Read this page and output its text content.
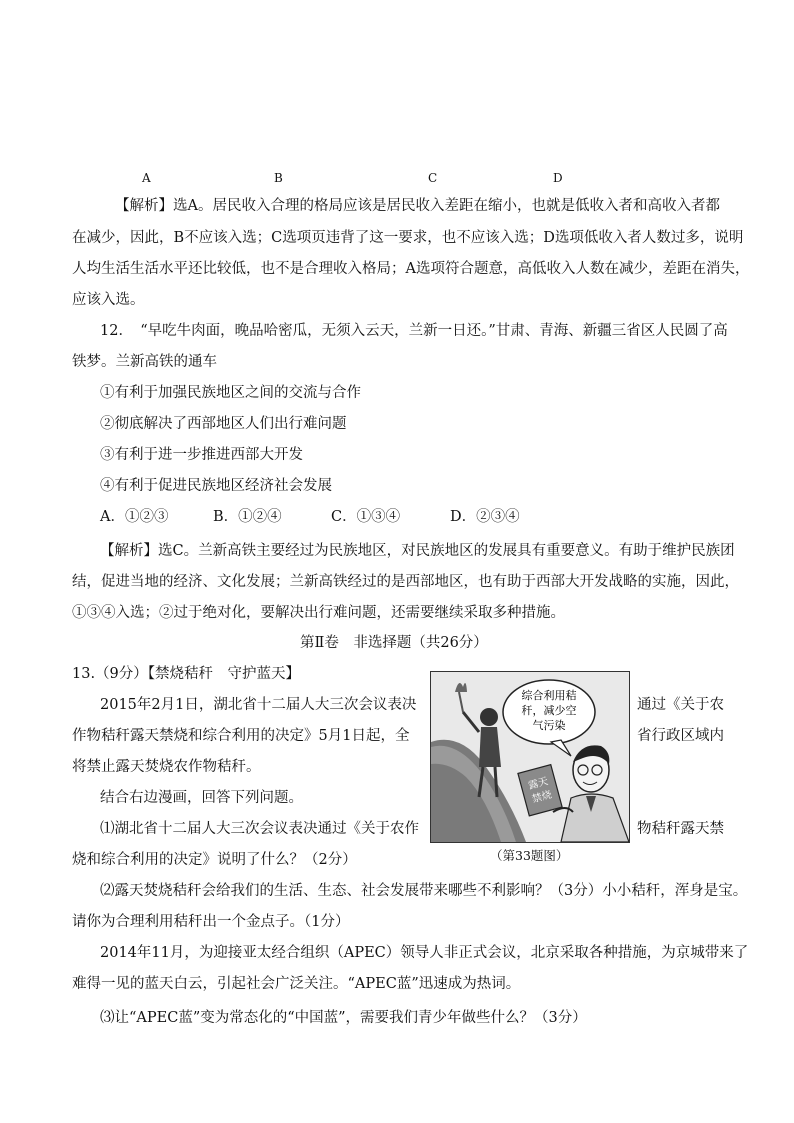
A	B	C	D
【解析】选A。居民收入合理的格局应该是居民收入差距在缩小，也就是低收入者和高收入者都
在减少，因此，B不应该入选；C选项页违背了这一要求，也不应该入选；D选项低收入者人数过多，说明
人均生活生活水平还比较低，也不是合理收入格局；A选项符合题意，高低收入人数在减少，差距在消失，
应该入选。
12．　“早吃牛肉面，晚品哈密瓜，无须入云天，兰新一日还。”甘肃、青海、新疆三省区人民圆了高
铁梦。兰新高铁的通车
①有利于加强民族地区之间的交流与合作
②彻底解决了西部地区人们出行难问题
③有利于进一步推进西部大开发
④有利于促进民族地区经济社会发展
A．①②③	B．①②④	C．①③④	D．②③④
【解析】选C。兰新高铁主要经过为民族地区，对民族地区的发展具有重要意义。有助于维护民族团
结，促进当地的经济、文化发展；兰新高铁经过的是西部地区，也有助于西部大开发战略的实施，因此，
①③④入选；②过于绝对化，要解决出行难问题，还需要继续采取多种措施。
第Ⅱ卷　非选择题（共26分）
13.（9分）【禁烧秸秆　守护蓝天】
2015年2月1日，湖北省十二届人大三次会议表决	通过《关于农
作物秸秆露天禁烧和综合利用的决定》5月1日起，全	省行政区域内
将禁止露天焚烧农作物秸秆。
结合右边漫画，回答下列问题。
⑴湖北省十二届人大三次会议表决通过《关于农作	物秸秆露天禁
烧和综合利用的决定》说明了什么？（2分）
⑵露天焚烧秸秆会给我们的生活、生态、社会发展带来哪些不利影响？（3分）小小秸秆，浑身是宝。
请你为合理利用秸秆出一个金点子。（1分）
2014年11月，为迎接亚太经合组织（APEC）领导人非正式会议，北京采取各种措施，为京城带来了
难得一见的蓝天白云，引起社会广泛关注。“APEC蓝”迅速成为热词。
⑶让“APEC蓝”变为常态化的“中国蓝”，需要我们青少年做些什么？（3分）
综合利用秸
秆，减少空
气污染
露天
禁烧
（第33题图）
